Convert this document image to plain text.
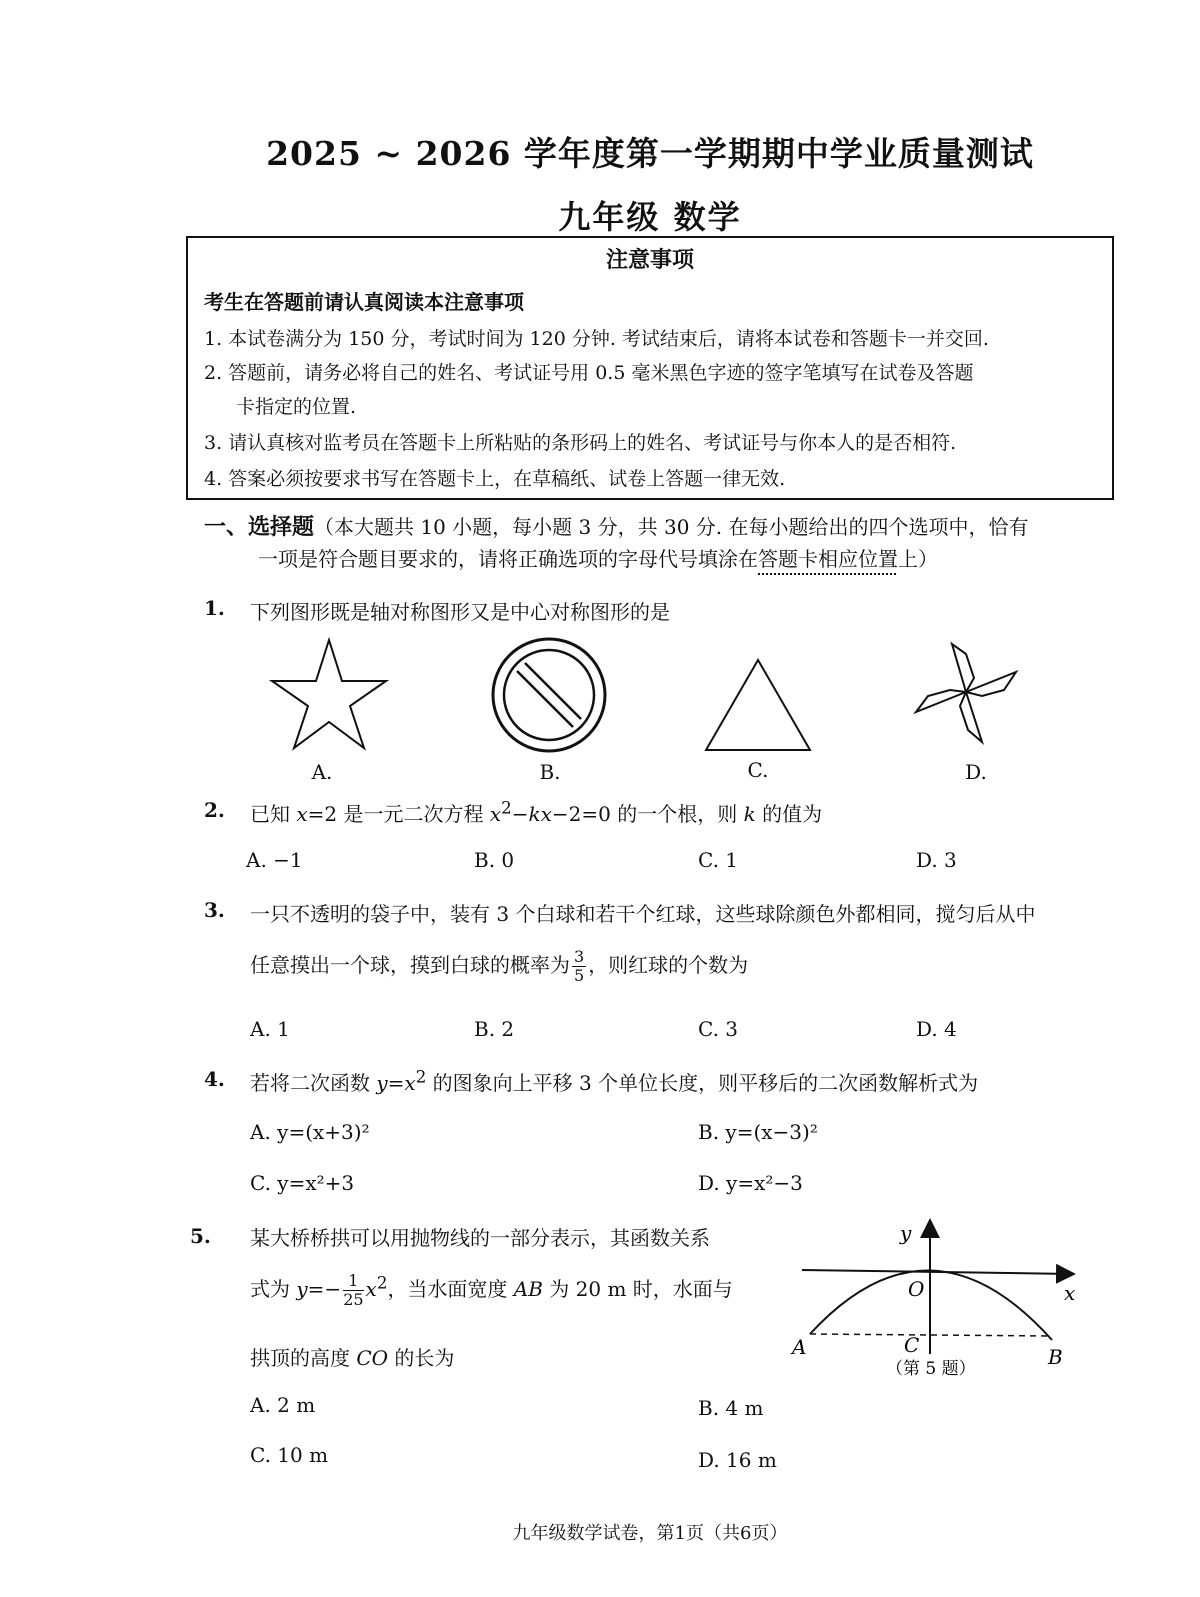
2025 ~ 2026 学年度第一学期期中学业质量测试
九年级 数学
注意事项
考生在答题前请认真阅读本注意事项
1. 本试卷满分为 150 分，考试时间为 120 分钟. 考试结束后，请将本试卷和答题卡一并交回.
2. 答题前，请务必将自己的姓名、考试证号用 0.5 毫米黑色字迹的签字笔填写在试卷及答题
卡指定的位置.
3. 请认真核对监考员在答题卡上所粘贴的条形码上的姓名、考试证号与你本人的是否相符.
4. 答案必须按要求书写在答题卡上，在草稿纸、试卷上答题一律无效.
一、选择题（本大题共 10 小题，每小题 3 分，共 30 分. 在每小题给出的四个选项中，恰有
一项是符合题目要求的，请将正确选项的字母代号填涂在答题卡相应位置上）
1. 下列图形既是轴对称图形又是中心对称图形的是
A.	B.	C.	D.
2. 已知 x=2 是一元二次方程 $x^2-kx-2=0$ 的一个根，则 k 的值为
A. −1	B. 0	C. 1	D. 3
3. 一只不透明的袋子中，装有 3 个白球和若干个红球，这些球除颜色外都相同，搅匀后从中
任意摸出一个球，摸到白球的概率为 $\frac{3}{5}$ ，则红球的个数为
A. 1	B. 2	C. 3	D. 4
4. 若将二次函数 $y=x^2$ 的图象向上平移 3 个单位长度，则平移后的二次函数解析式为
A. y=(x+3)²	B. y=(x−3)²
C. y=x²+3	D. y=x²−3
5. 某大桥桥拱可以用抛物线的一部分表示，其函数关系
式为 $y=- \frac{1}{25} x^2$，当水面宽度 AB 为 20 m 时，水面与
拱顶的高度 CO 的长为
A. 2 m	B. 4 m
C. 10 m	D. 16 m
y
x
O
A	C	B
（第 5 题）
九年级数学试卷，第1页（共6页）
